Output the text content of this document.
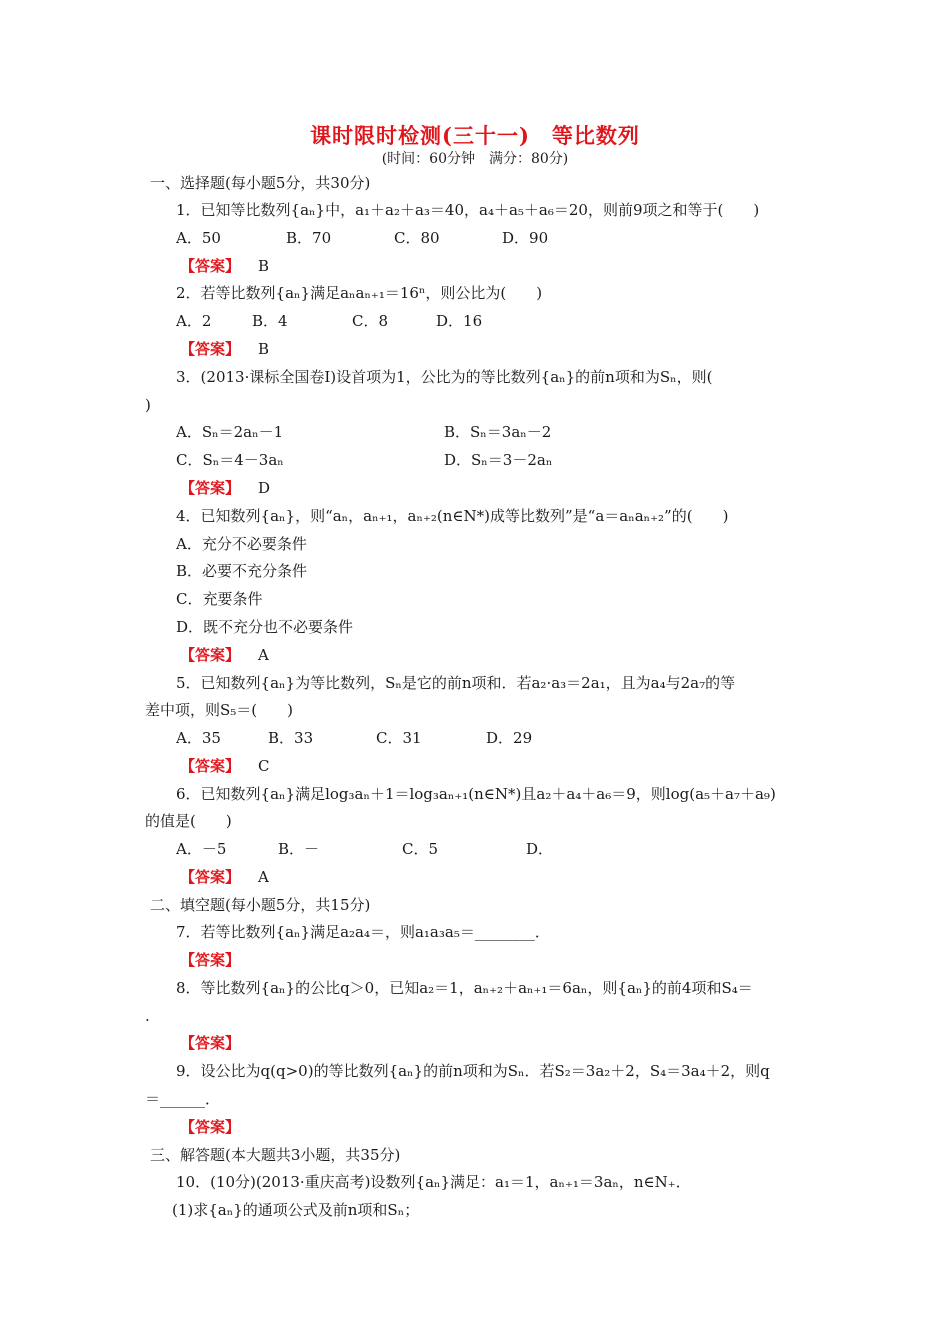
课时限时检测(三十一)　等比数列
(时间：60分钟　满分：80分)
一、选择题(每小题5分，共30分)
1．已知等比数列{aₙ}中，a₁＋a₂＋a₃＝40，a₄＋a₅＋a₆＝20，则前9项之和等于(　　)
A．50	B．70	C．80	D．90
【答案】 B
2．若等比数列{aₙ}满足aₙaₙ₊₁＝16ⁿ，则公比为(　　)
A．2	B．4	C．8	D．16
【答案】 B
3．(2013·课标全国卷Ⅰ)设首项为1，公比为的等比数列{aₙ}的前n项和为Sₙ，则(
)
A．Sₙ＝2aₙ－1	B．Sₙ＝3aₙ－2
C．Sₙ＝4－3aₙ	D．Sₙ＝3－2aₙ
【答案】 D
4．已知数列{aₙ}，则“aₙ，aₙ₊₁，aₙ₊₂(n∈N*)成等比数列”是“a＝aₙaₙ₊₂”的(　　)
A．充分不必要条件
B．必要不充分条件
C．充要条件
D．既不充分也不必要条件
【答案】 A
5．已知数列{aₙ}为等比数列，Sₙ是它的前n项和．若a₂·a₃＝2a₁，且为a₄与2a₇的等
差中项，则S₅＝(　　)
A．35	B．33	C．31	D．29
【答案】 C
6．已知数列{aₙ}满足log₃aₙ＋1＝log₃aₙ₊₁(n∈N*)且a₂＋a₄＋a₆＝9，则log(a₅＋a₇＋a₉)
的值是(　　)
A．－5	B．－	C．5	D．
【答案】 A
二、填空题(每小题5分，共15分)
7．若等比数列{aₙ}满足a₂a₄＝，则a₁a₃a₅＝________．
【答案】
8．等比数列{aₙ}的公比q＞0，已知a₂＝1，aₙ₊₂＋aₙ₊₁＝6aₙ，则{aₙ}的前4项和S₄＝
.
【答案】
9．设公比为q(q>0)的等比数列{aₙ}的前n项和为Sₙ．若S₂＝3a₂＋2，S₄＝3a₄＋2，则q
＝______．
【答案】
三、解答题(本大题共3小题，共35分)
10．(10分)(2013·重庆高考)设数列{aₙ}满足：a₁＝1，aₙ₊₁＝3aₙ，n∈N₊．
(1)求{aₙ}的通项公式及前n项和Sₙ；
